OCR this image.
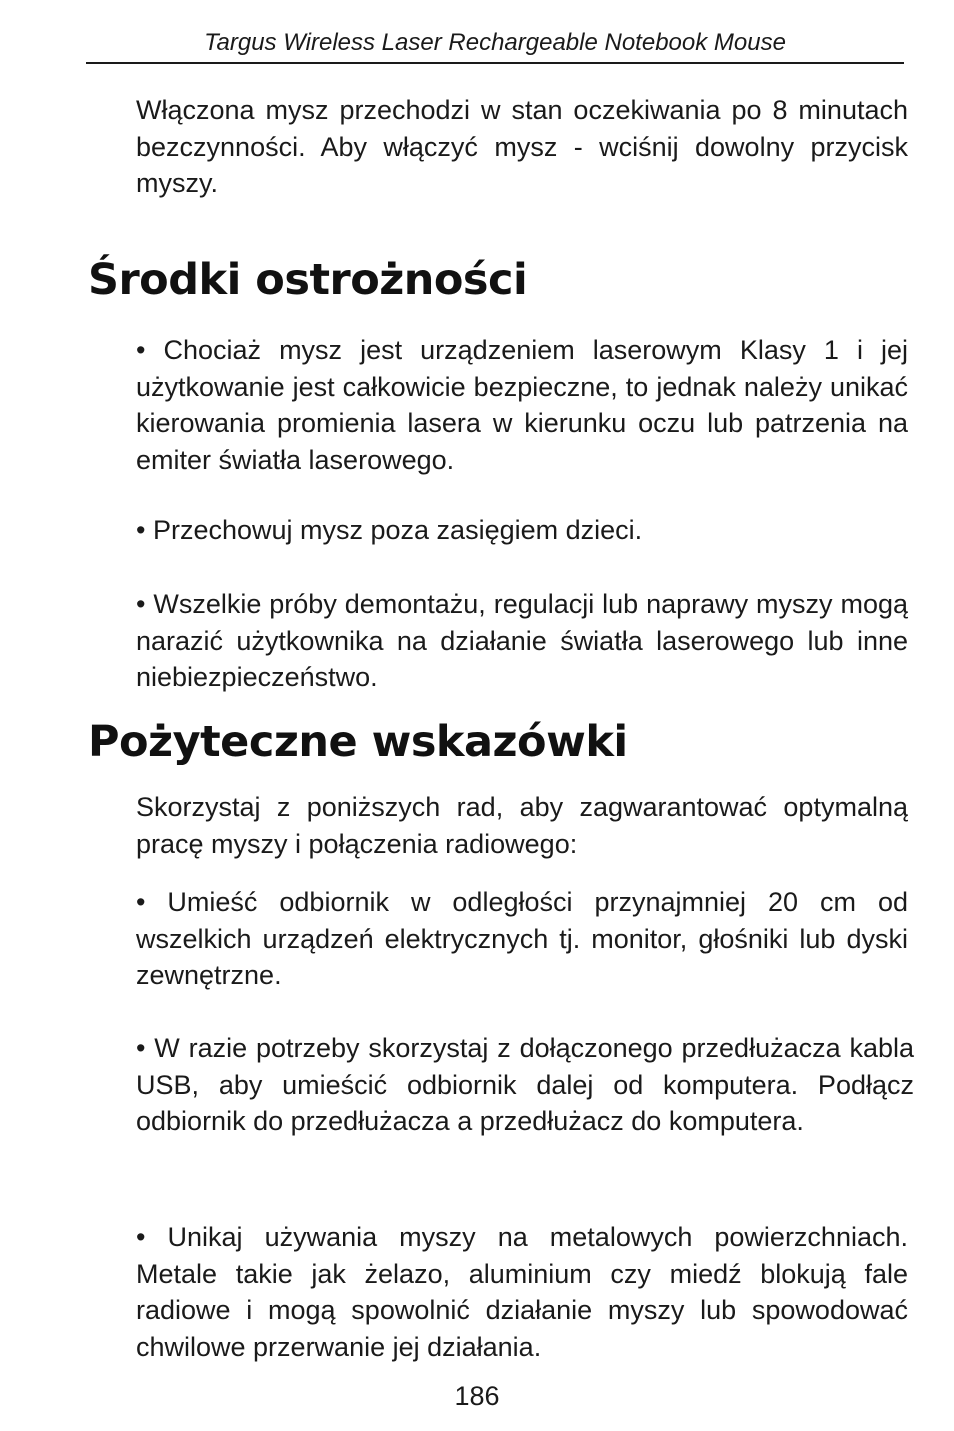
Targus Wireless Laser Rechargeable Notebook Mouse

Włączona mysz przechodzi w stan oczekiwania po 8 minutach bezczynności. Aby włączyć mysz - wciśnij dowolny przycisk myszy.

Środki ostrożności

• Chociaż mysz jest urządzeniem laserowym Klasy 1 i jej użytkowanie jest całkowicie bezpieczne, to jednak należy unikać kierowania promienia lasera w kierunku oczu lub patrzenia na emiter światła laserowego.

• Przechowuj mysz poza zasięgiem dzieci.

• Wszelkie próby demontażu, regulacji lub naprawy myszy mogą narazić użytkownika na działanie światła laserowego lub inne niebiezpieczeństwo.

Pożyteczne wskazówki

Skorzystaj z poniższych rad, aby zagwarantować optymalną pracę myszy i połączenia radiowego:

• Umieść odbiornik w odległości przynajmniej 20 cm od wszelkich urządzeń elektrycznych tj. monitor, głośniki lub dyski zewnętrzne.

• W razie potrzeby skorzystaj z dołączonego przedłużacza kabla USB, aby umieścić odbiornik dalej od komputera. Podłącz odbiornik do przedłużacza a przedłużacz do komputera.

• Unikaj używania myszy na metalowych powierzchniach. Metale takie jak żelazo, aluminium czy miedź blokują fale radiowe i mogą spowolnić działanie myszy lub spowodować chwilowe przerwanie jej działania.

186
